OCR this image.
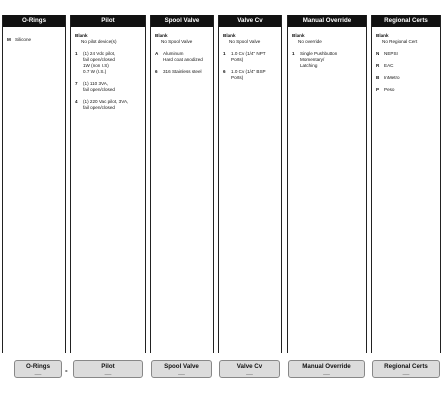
O-Rings
M Silicone
Pilot
Blank
No pilot device(s)
1	(1) 24 Vdc pilot,
fail open/closed
1W (non I.S)
0.7 W (I.S.)
7	(1) 110 3VA,
fail open/closed
4	(1) 220 Vac pilot, 3VA,
fail open/closed
Spool Valve
Blank
No Spool Valve
A	Aluminum
Hard coat anodized
6	316 Stainless steel
Valve Cv
Blank
No Spool Valve
1	1.0 Cv (1/4" NPT Ports)
6	1.0 Cv (1/4" BSP Ports)
Manual Override
Blank
No override
1	Single Pushbutton Momentary/
Latching
Regional Certs
Blank
No Regional Cert
N	NEPSI
R	EAC
B	InMetro
P	Peso
O-Rings
__	-	Pilot
__
Spool Valve
__
Valve Cv
__
Manual Override
__
Regional Certs
__
